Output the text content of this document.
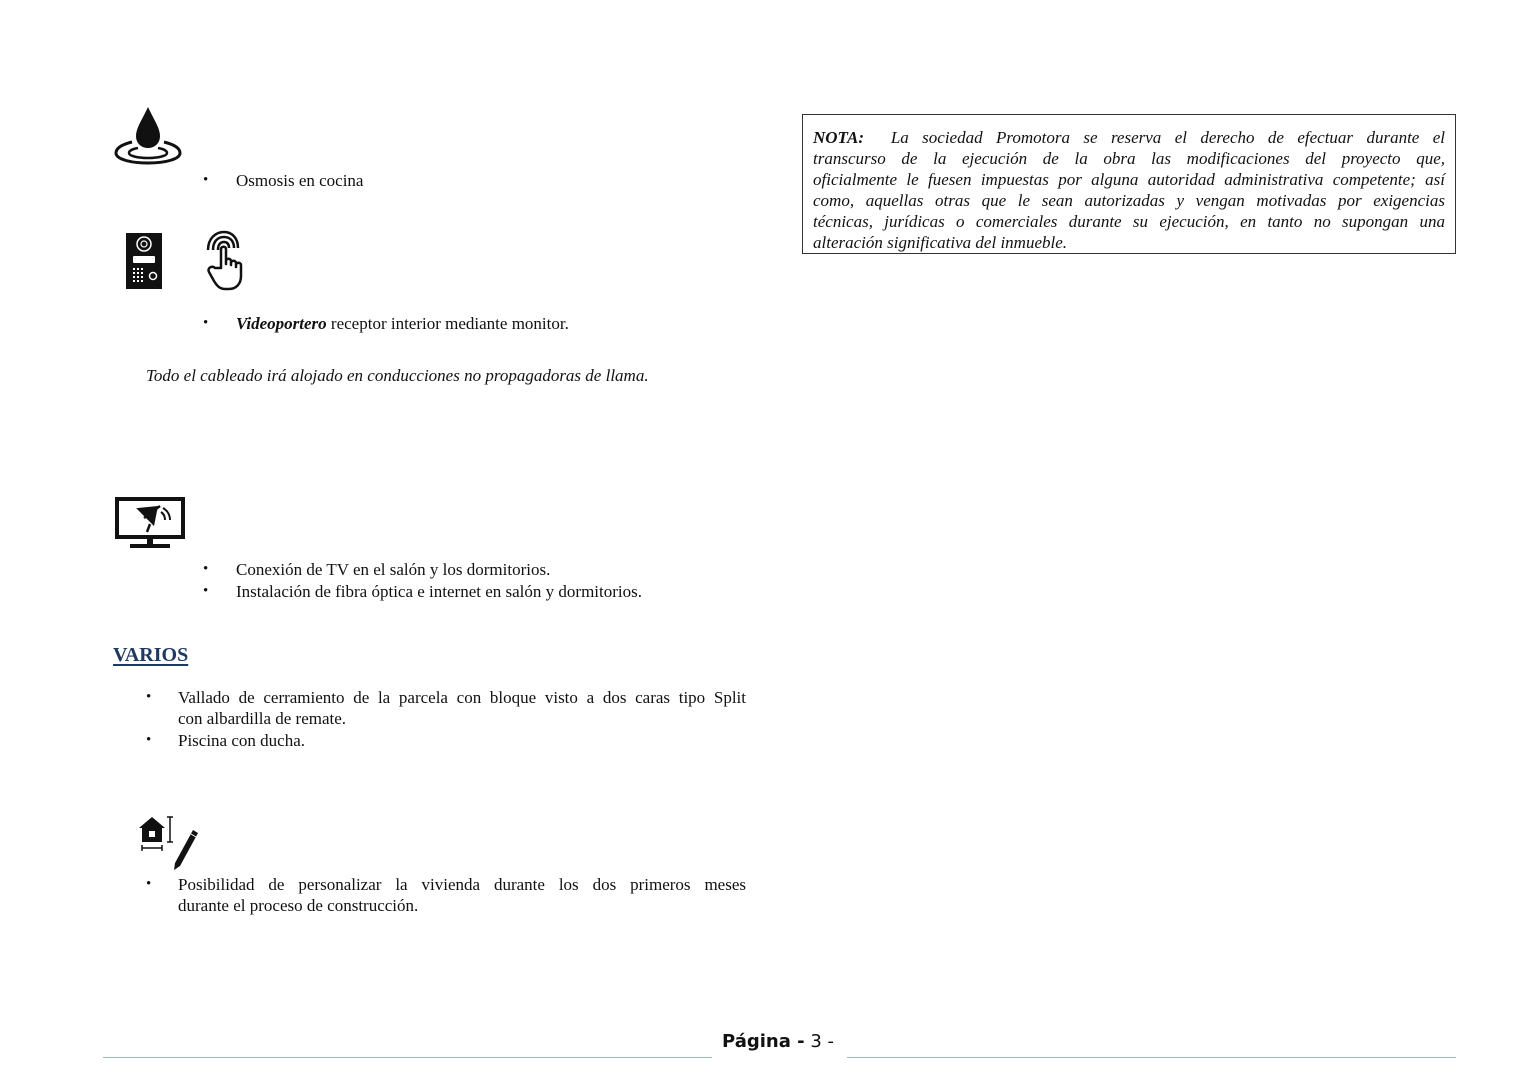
• Osmosis en cocina
• Videoportero receptor interior mediante monitor.
Todo el cableado irá alojado en conducciones no propagadoras de llama.
• Conexión de TV en el salón y los dormitorios.
• Instalación de fibra óptica e internet en salón y dormitorios.
VARIOS
• Vallado de cerramiento de la parcela con bloque visto a dos caras tipo Split
con albardilla de remate.
• Piscina con ducha.
• Posibilidad de personalizar la vivienda durante los dos primeros meses
durante el proceso de construcción.
NOTA: La sociedad Promotora se reserva el derecho de efectuar durante el
transcurso de la ejecución de la obra las modificaciones del proyecto que,
oficialmente le fuesen impuestas por alguna autoridad administrativa competente; así
como, aquellas otras que le sean autorizadas y vengan motivadas por exigencias
técnicas, jurídicas o comerciales durante su ejecución, en tanto no supongan una
alteración significativa del inmueble.
Página - 3 -
